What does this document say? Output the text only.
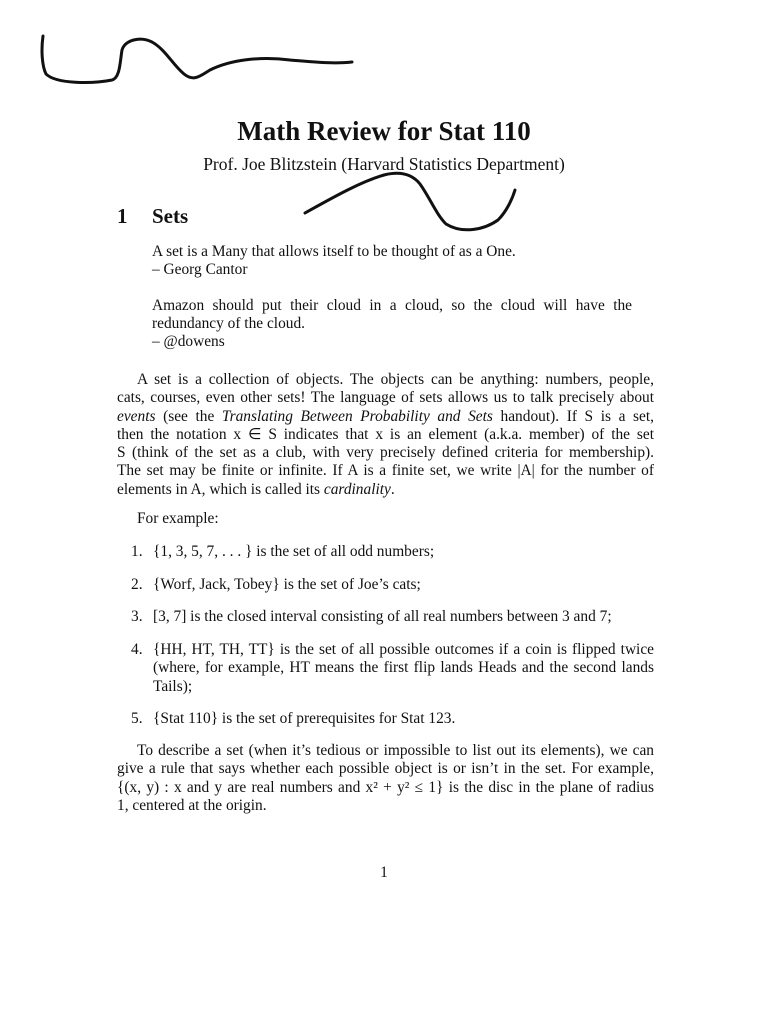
Math Review for Stat 110
Prof. Joe Blitzstein (Harvard Statistics Department)
1 Sets
A set is a Many that allows itself to be thought of as a One.
– Georg Cantor
Amazon should put their cloud in a cloud, so the cloud will have the
redundancy of the cloud.
– @dowens
A set is a collection of objects. The objects can be anything: numbers, people,
cats, courses, even other sets! The language of sets allows us to talk precisely about
events (see the Translating Between Probability and Sets handout). If S is a set,
then the notation x ∈ S indicates that x is an element (a.k.a. member) of the set
S (think of the set as a club, with very precisely defined criteria for membership).
The set may be finite or infinite. If A is a finite set, we write |A| for the number of
elements in A, which is called its cardinality.
For example:
1. {1, 3, 5, 7, . . . } is the set of all odd numbers;
2. {Worf, Jack, Tobey} is the set of Joe’s cats;
3. [3, 7] is the closed interval consisting of all real numbers between 3 and 7;
4. {HH, HT, TH, TT} is the set of all possible outcomes if a coin is flipped twice
(where, for example, HT means the first flip lands Heads and the second lands
Tails);
5. {Stat 110} is the set of prerequisites for Stat 123.
To describe a set (when it’s tedious or impossible to list out its elements), we can
give a rule that says whether each possible object is or isn’t in the set. For example,
{(x, y) : x and y are real numbers and x² + y² ≤ 1} is the disc in the plane of radius
1, centered at the origin.
1
